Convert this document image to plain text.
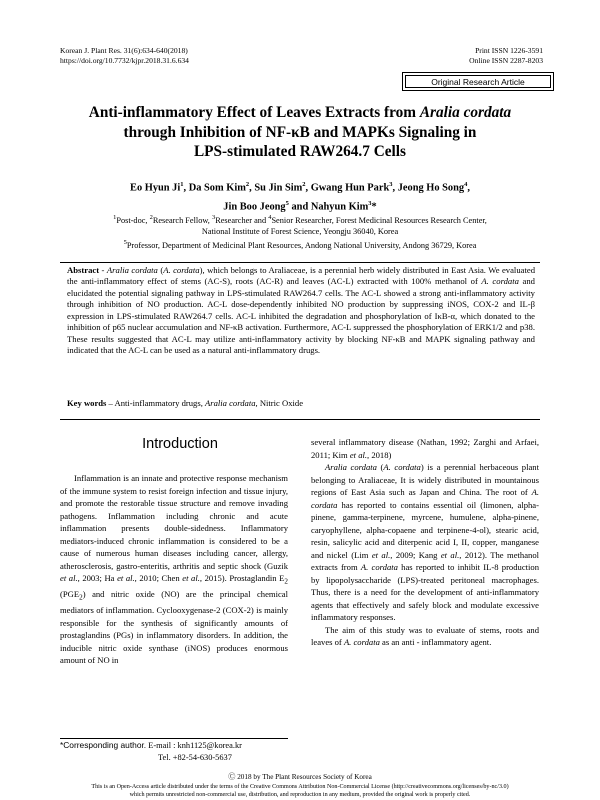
Korean J. Plant Res. 31(6):634-640(2018)
https://doi.org/10.7732/kjpr.2018.31.6.634
Print ISSN 1226-3591
Online ISSN 2287-8203
Original Research Article
Anti-inflammatory Effect of Leaves Extracts from Aralia cordata
through Inhibition of NF-κB and MAPKs Signaling in
LPS-stimulated RAW264.7 Cells
Eo Hyun Ji$^1$, Da Som Kim$^2$, Su Jin Sim$^2$, Gwang Hun Park$^3$, Jeong Ho Song$^4$,
Jin Boo Jeong$^5$ and Nahyun Kim$^3$*
$^1$Post-doc, $^2$Research Fellow, $^3$Researcher and $^4$Senior Researcher, Forest Medicinal Resources Research Center,
National Institute of Forest Science, Yeongju 36040, Korea
$^5$Professor, Department of Medicinal Plant Resources, Andong National University, Andong 36729, Korea
Abstract - Aralia cordata (A. cordata), which belongs to Araliaceae, is a perennial herb widely distributed in East Asia. We evaluated the anti-inflammatory effect of stems (AC-S), roots (AC-R) and leaves (AC-L) extracted with 100% methanol of A. cordata and elucidated the potential signaling pathway in LPS-stimulated RAW264.7 cells. The AC-L showed a strong anti-inflammatory activity through inhibition of NO production. AC-L dose-dependently inhibited NO production by suppressing iNOS, COX-2 and IL-β expression in LPS-stimulated RAW264.7 cells. AC-L inhibited the degradation and phosphorylation of IκB-α, which donated to the inhibition of p65 nuclear accumulation and NF-κB activation. Furthermore, AC-L suppressed the phosphorylation of ERK1/2 and p38. These results suggested that AC-L may utilize anti-inflammatory activity by blocking NF-κB and MAPK signaling pathway and indicated that the AC-L can be used as a natural anti-inflammatory drugs.
Key words – Anti-inflammatory drugs, Aralia cordata, Nitric Oxide
Introduction

Inflammation is an innate and protective response mechanism of the immune system to resist foreign infection and tissue injury, and promote the restorable tissue structure and remove invading pathogens. Inflammation including chronic and acute inflammation presents double-sidedness. Inflammatory mediators-induced chronic inflammation is considered to be a cause of numerous human diseases including cancer, allergy, atherosclerosis, gastro-enteritis, arthritis and septic shock (Guzik et al., 2003; Ha et al., 2010; Chen et al., 2015). Prostaglandin $E_2$ $(PGE_2)$ and nitric oxide (NO) are the principal chemical mediators of inflammation. Cyclooxygenase-2 (COX-2) is mainly responsible for the synthesis of significantly amounts of prostaglandins (PGs) in inflammatory disorders. In addition, the inducible nitric oxide synthase (iNOS) produces enormous amount of NO in

several inflammatory disease (Nathan, 1992; Zarghi and Arfaei, 2011; Kim et al., 2018)

Aralia cordata (A. cordata) is a perennial herbaceous plant belonging to Araliaceae, It is widely distributed in mountainous regions of East Asia such as Japan and China. The root of A. cordata has reported to contains essential oil (limonen, alpha-pinene, gamma-terpinene, myrcene, humulene, alpha-pinene, caryophyllene, alpha-copaene and terpinene-4-ol), stearic acid, resin, salicylic acid and diterpenic acid I, II, copper, manganese and nickel (Lim et al., 2009; Kang et al., 2012). The methanol extracts from A. cordata has reported to inhibit IL-8 production by lipopolysaccharide (LPS)-treated peritoneal macrophages. Thus, there is a need for the development of anti-inflammatory agents that effectively and safely block and modulate excessive inflammatory responses.

The aim of this study was to evaluate of stems, roots and leaves of A. cordata as an anti - inflammatory agent.

*Corresponding author. E-mail : knh1125@korea.kr
Tel. +82-54-630-5637
Ⓒ 2018 by The Plant Resources Society of Korea
This is an Open-Access article distributed under the terms of the Creative Commons Attribution Non-Commercial License (http://creativecommons.org/licenses/by-nc/3.0)
which permits unrestricted non-commercial use, distribution, and reproduction in any medium, provided the original work is properly cited.
